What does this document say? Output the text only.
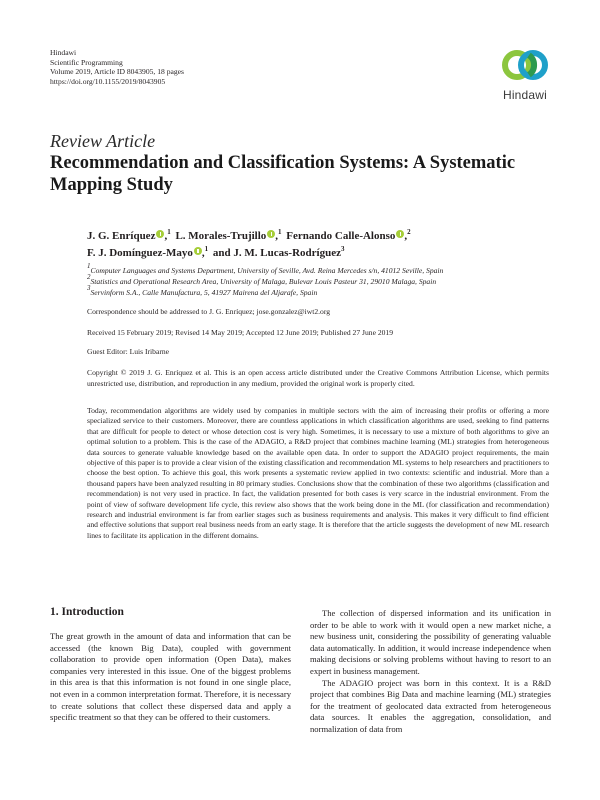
Hindawi
Scientific Programming
Volume 2019, Article ID 8043905, 18 pages
https://doi.org/10.1155/2019/8043905
Hindawi
Review Article
Recommendation and Classification Systems: A Systematic Mapping Study
J. G. Enríquez ,$^1$ L. Morales-Trujillo ,$^1$ Fernando Calle-Alonso ,$^2$
F. J. Domínguez-Mayo ,$^1$ and J. M. Lucas-Rodríguez$^3$
$^1$Computer Languages and Systems Department, University of Seville, Avd. Reina Mercedes s/n, 41012 Seville, Spain
$^2$Statistics and Operational Research Area, University of Malaga, Bulevar Louis Pasteur 31, 29010 Malaga, Spain
$^3$Servinform S.A., Calle Manufactura, 5, 41927 Mairena del Aljarafe, Spain
Correspondence should be addressed to J. G. Enríquez; jose.gonzalez@iwt2.org
Received 15 February 2019; Revised 14 May 2019; Accepted 12 June 2019; Published 27 June 2019
Guest Editor: Luis Iribarne
Copyright © 2019 J. G. Enríquez et al. This is an open access article distributed under the Creative Commons Attribution License, which permits unrestricted use, distribution, and reproduction in any medium, provided the original work is properly cited.
Today, recommendation algorithms are widely used by companies in multiple sectors with the aim of increasing their profits or offering a more specialized service to their customers. Moreover, there are countless applications in which classification algorithms are used, seeking to find patterns that are difficult for people to detect or whose detection cost is very high. Sometimes, it is necessary to use a mixture of both algorithms to give an optimal solution to a problem. This is the case of the ADAGIO, a R&D project that combines machine learning (ML) strategies from heterogeneous data sources to generate valuable knowledge based on the available open data. In order to support the ADAGIO project requirements, the main objective of this paper is to provide a clear vision of the existing classification and recommendation ML systems to help researchers and practitioners to choose the best option. To achieve this goal, this work presents a systematic review applied in two contexts: scientific and industrial. More than a thousand papers have been analyzed resulting in 80 primary studies. Conclusions show that the combination of these two algorithms (classification and recommendation) is not very used in practice. In fact, the validation presented for both cases is very scarce in the industrial environment. From the point of view of software development life cycle, this review also shows that the work being done in the ML (for classification and recommendation) research and industrial environment is far from earlier stages such as business requirements and analysis. This makes it very difficult to find efficient and effective solutions that support real business needs from an early stage. It is therefore that the article suggests the development of new ML research lines to facilitate its application in the different domains.
1. Introduction

The great growth in the amount of data and information that can be accessed (the known Big Data), coupled with government collaboration to provide open information (Open Data), makes companies very interested in this issue. One of the biggest problems in this area is that this information is not found in one single place, not even in a common interpretation format. Therefore, it is necessary to create solutions that collect these dispersed data and apply a specific treatment so that they can be offered to their customers.

The collection of dispersed information and its unification in order to be able to work with it would open a new market niche, a new business unit, considering the possibility of generating valuable data automatically. In addition, it would increase independence when making decisions or solving problems without having to resort to an expert in business management.

The ADAGIO project was born in this context. It is a R&D project that combines Big Data and machine learning (ML) strategies for the treatment of geolocated data extracted from heterogeneous data sources. It enables the aggregation, consolidation, and normalization of data from
